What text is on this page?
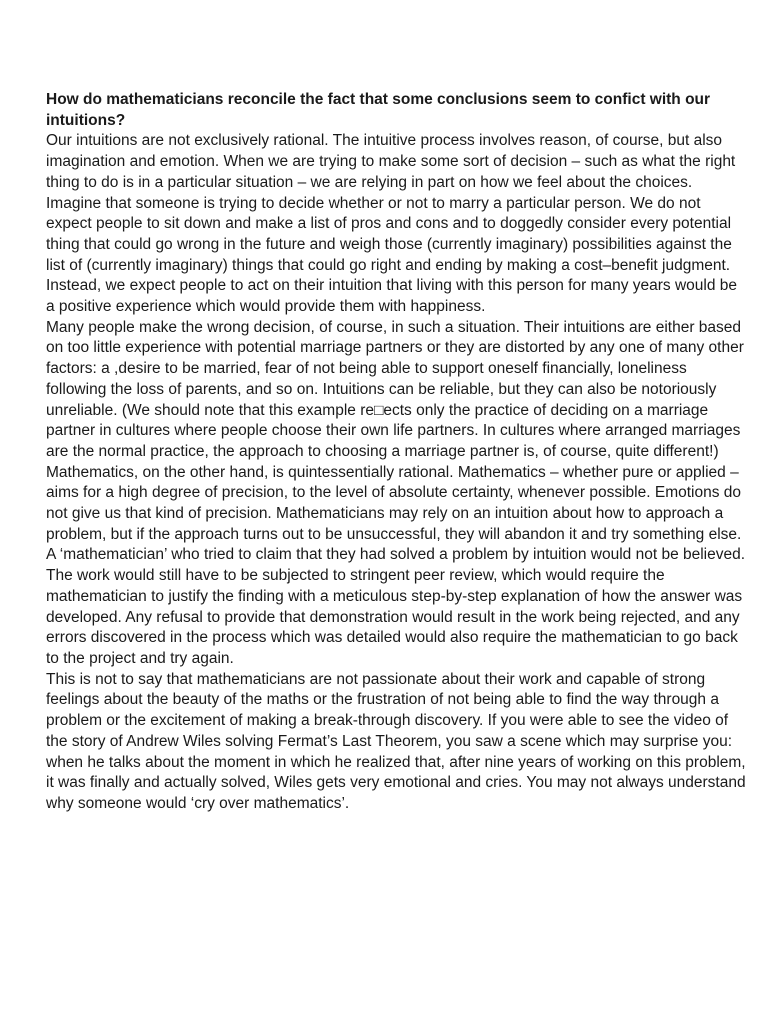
How do mathematicians reconcile the fact that some conclusions seem to confict with our intuitions?

Our intuitions are not exclusively rational. The intuitive process involves reason, of course, but also imagination and emotion. When we are trying to make some sort of decision – such as what the right thing to do is in a particular situation – we are relying in part on how we feel about the choices.

Imagine that someone is trying to decide whether or not to marry a particular person. We do not expect people to sit down and make a list of pros and cons and to doggedly consider every potential thing that could go wrong in the future and weigh those (currently imaginary) possibilities against the list of (currently imaginary) things that could go right and ending by making a cost–benefit judgment. Instead, we expect people to act on their intuition that living with this person for many years would be a positive experience which would provide them with happiness.

Many people make the wrong decision, of course, in such a situation. Their intuitions are either based on too little experience with potential marriage partners or they are distorted by any one of many other factors: a ,desire to be married, fear of not being able to support oneself financially, loneliness following the loss of parents, and so on. Intuitions can be reliable, but they can also be notoriously unreliable. (We should note that this example re□ects only the practice of deciding on a marriage partner in cultures where people choose their own life partners. In cultures where arranged marriages are the normal practice, the approach to choosing a marriage partner is, of course, quite different!)

Mathematics, on the other hand, is quintessentially rational. Mathematics – whether pure or applied – aims for a high degree of precision, to the level of absolute certainty, whenever possible. Emotions do not give us that kind of precision. Mathematicians may rely on an intuition about how to approach a problem, but if the approach turns out to be unsuccessful, they will abandon it and try something else. A ‘mathematician’ who tried to claim that they had solved a problem by intuition would not be believed. The work would still have to be subjected to stringent peer review, which would require the mathematician to justify the finding with a meticulous step-by-step explanation of how the answer was developed. Any refusal to provide that demonstration would result in the work being rejected, and any errors discovered in the process which was detailed would also require the mathematician to go back to the project and try again.

This is not to say that mathematicians are not passionate about their work and capable of strong feelings about the beauty of the maths or the frustration of not being able to find the way through a problem or the excitement of making a break-through discovery. If you were able to see the video of the story of Andrew Wiles solving Fermat’s Last Theorem, you saw a scene which may surprise you: when he talks about the moment in which he realized that, after nine years of working on this problem, it was finally and actually solved, Wiles gets very emotional and cries. You may not always understand why someone would ‘cry over mathematics’.
